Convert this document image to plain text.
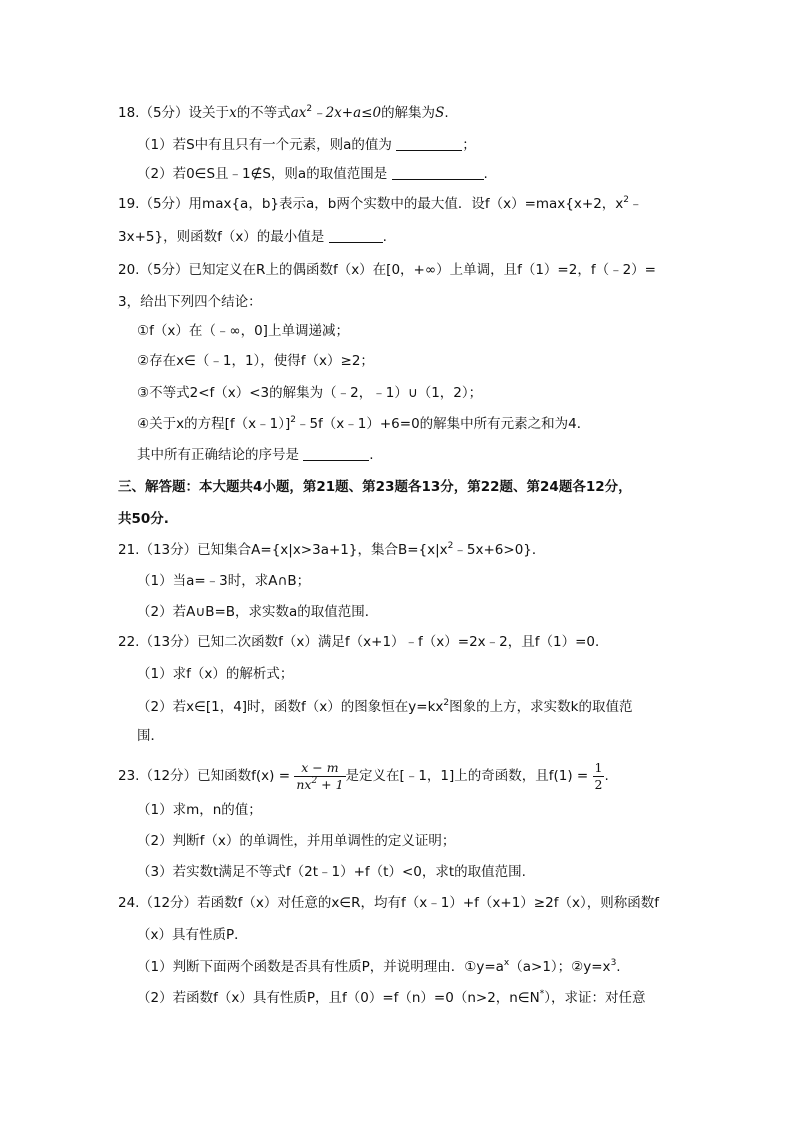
18.（5分）设关于x的不等式$ax^2﹣2x+a\le 0$的解集为S.
（1）若S中有且只有一个元素，则a的值为	；
（2）若0∈S且﹣1∉S，则a的取值范围是	.
19.（5分）用max{a，b}表示a，b两个实数中的最大值．设f（x）=max{x+2，$x^2﹣$
3x+5}，则函数f（x）的最小值是	.
20.（5分）已知定义在R上的偶函数f（x）在[0，+∞）上单调，且f（1）=2，f（﹣2）=
3，给出下列四个结论：
①f（x）在（﹣∞，0]上单调递减；
②存在x∈（﹣1，1），使得f（x）≥2；
③不等式2<f（x）<3的解集为（﹣2，﹣1）∪（1，2）；
④关于x的方程[f（x﹣1）]$^2$﹣5f（x﹣1）+6=0的解集中所有元素之和为4．
其中所有正确结论的序号是	.
三、解答题：本大题共4小题，第21题、第23题各13分，第22题、第24题各12分，
共50分.
21.（13分）已知集合A={x|x>3a+1}，集合$B=\{x|x^2﹣5x+6>0\}$．
（1）当a=﹣3时，求A∩B；
（2）若A∪B=B，求实数a的取值范围．
22.（13分）已知二次函数f（x）满足f（x+1）﹣f（x）=2x﹣2，且f（1）=0．
（1）求f（x）的解析式；
（2）若x∈[1，4]时，函数f（x）的图象恒在$y=kx^2$图象的上方，求实数k的取值范
围．
23.（12分）已知函数$f(x) = \frac{x - m}{nx^2 + 1}$ 是定义在[﹣1，1]上的奇函数，且$f(1) = \frac{1}{2}$ .
（1）求m，n的值；
（2）判断f（x）的单调性，并用单调性的定义证明；
（3）若实数t满足不等式f（2t﹣1）+f（t）<0，求t的取值范围.
24.（12分）若函数f（x）对任意的x∈R，均有f（x﹣1）+f（x+1）≥2f（x），则称函数f
（x）具有性质P．
（1）判断下面两个函数是否具有性质P，并说明理由．$①y=a^x(a>1)$；$②y=x^3$.
（2）若函数f（x）具有性质P，且f（0）=f（n）=0（n>2，n∈N*），求证：对任意
